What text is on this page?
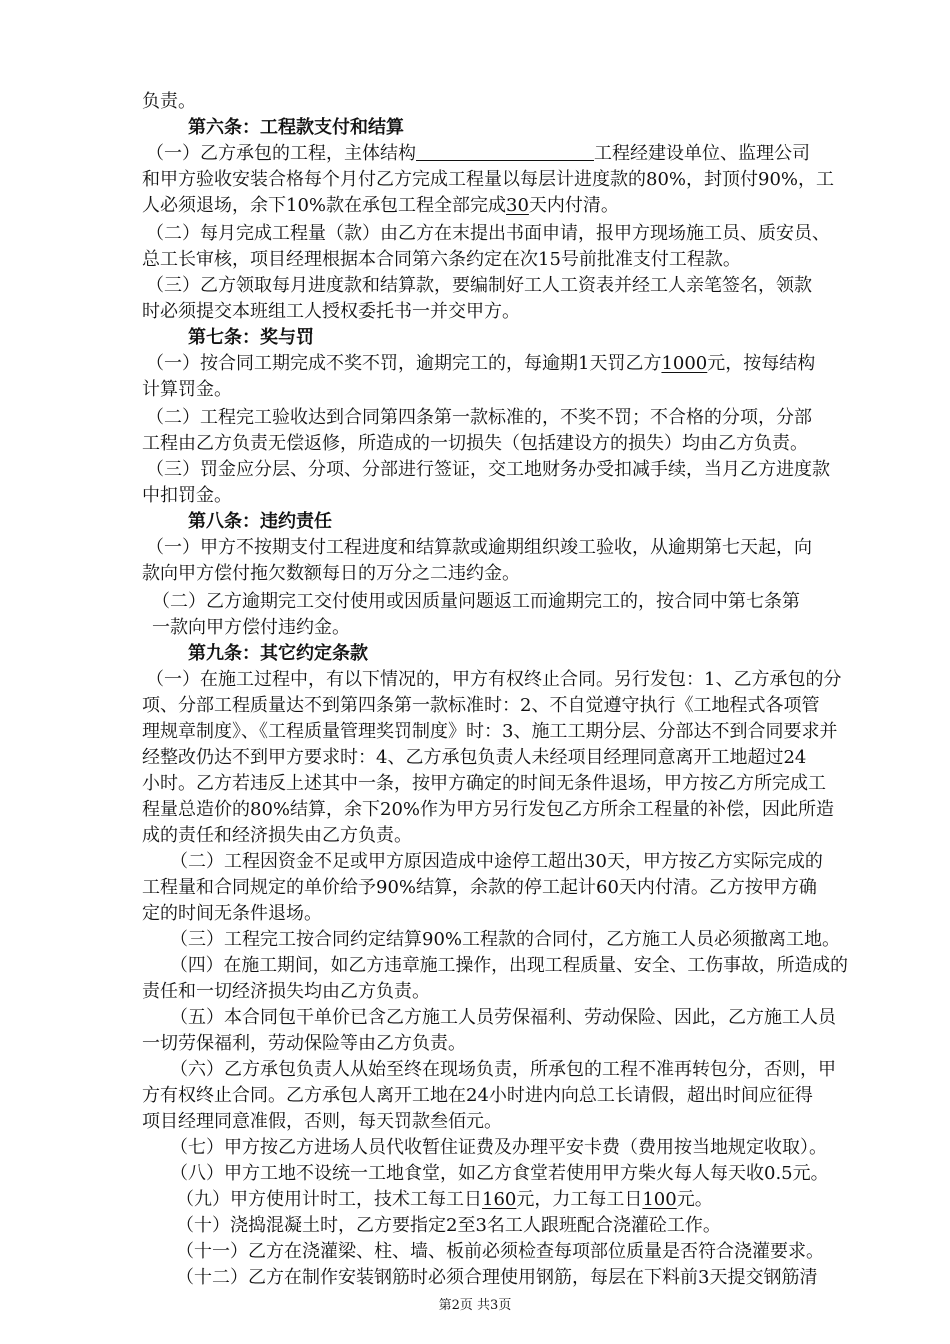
负责。
第六条：工程款支付和结算
（一）乙方承包的工程，主体结构	工程经建设单位、监理公司
和甲方验收安装合格每个月付乙方完成工程量以每层计进度款的80%，封顶付90%，工
人必须退场，余下10%款在承包工程全部完成30天内付清。
（二）每月完成工程量（款）由乙方在末提出书面申请，报甲方现场施工员、质安员、
总工长审核，项目经理根据本合同第六条约定在次15号前批准支付工程款。
（三）乙方领取每月进度款和结算款，要编制好工人工资表并经工人亲笔签名，领款
时必须提交本班组工人授权委托书一并交甲方。
第七条：奖与罚
（一）按合同工期完成不奖不罚，逾期完工的，每逾期1天罚乙方1000元，按每结构
计算罚金。
（二）工程完工验收达到合同第四条第一款标准的，不奖不罚；不合格的分项，分部
工程由乙方负责无偿返修，所造成的一切损失（包括建设方的损失）均由乙方负责。
（三）罚金应分层、分项、分部进行签证，交工地财务办受扣减手续，当月乙方进度款
中扣罚金。
第八条：违约责任
（一）甲方不按期支付工程进度和结算款或逾期组织竣工验收，从逾期第七天起，向
款向甲方偿付拖欠数额每日的万分之二违约金。
（二）乙方逾期完工交付使用或因质量问题返工而逾期完工的，按合同中第七条第
一款向甲方偿付违约金。
第九条：其它约定条款
（一）在施工过程中，有以下情况的，甲方有权终止合同。另行发包：1、乙方承包的分
项、分部工程质量达不到第四条第一款标准时：2、不自觉遵守执行《工地程式各项管
理规章制度》、《工程质量管理奖罚制度》时：3、施工工期分层、分部达不到合同要求并
经整改仍达不到甲方要求时：4、乙方承包负责人未经项目经理同意离开工地超过24
小时。乙方若违反上述其中一条，按甲方确定的时间无条件退场，甲方按乙方所完成工
程量总造价的80%结算，余下20%作为甲方另行发包乙方所余工程量的补偿，因此所造
成的责任和经济损失由乙方负责。
（二）工程因资金不足或甲方原因造成中途停工超出30天，甲方按乙方实际完成的
工程量和合同规定的单价给予90%结算，余款的停工起计60天内付清。乙方按甲方确
定的时间无条件退场。
（三）工程完工按合同约定结算90%工程款的合同付，乙方施工人员必须撤离工地。
（四）在施工期间，如乙方违章施工操作，出现工程质量、安全、工伤事故，所造成的
责任和一切经济损失均由乙方负责。
（五）本合同包干单价已含乙方施工人员劳保福利、劳动保险、因此，乙方施工人员
一切劳保福利，劳动保险等由乙方负责。
（六）乙方承包负责人从始至终在现场负责，所承包的工程不准再转包分，否则，甲
方有权终止合同。乙方承包人离开工地在24小时进内向总工长请假，超出时间应征得
项目经理同意准假，否则，每天罚款叁佰元。
（七）甲方按乙方进场人员代收暂住证费及办理平安卡费（费用按当地规定收取）。
（八）甲方工地不设统一工地食堂，如乙方食堂若使用甲方柴火每人每天收0.5元。
（九）甲方使用计时工，技术工每工日160元，力工每工日100元。
（十）浇捣混凝土时，乙方要指定2至3名工人跟班配合浇灌砼工作。
（十一）乙方在浇灌梁、柱、墙、板前必须检查每项部位质量是否符合浇灌要求。
（十二）乙方在制作安装钢筋时必须合理使用钢筋，每层在下料前3天提交钢筋清
第2页 共3页
